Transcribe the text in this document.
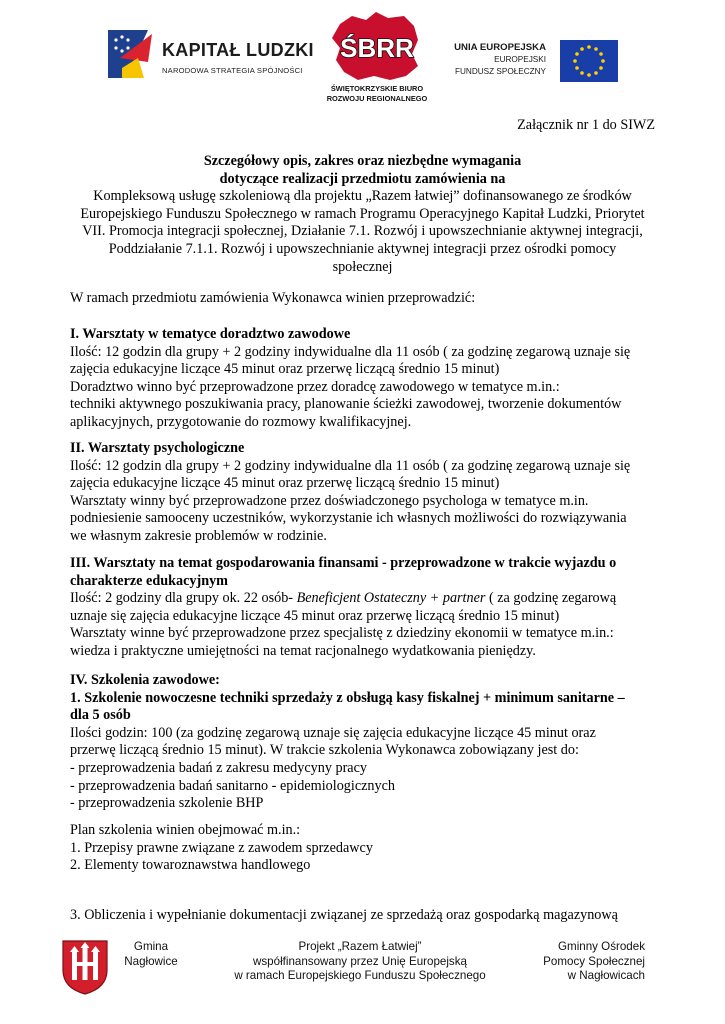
KAPITAŁ LUDZKI
NARODOWA STRATEGIA SPÓJNOŚCI
ŚBRR
ŚWIĘTOKRZYSKIE BIURO
ROZWOJU REGIONALNEGO
UNIA EUROPEJSKA
EUROPEJSKI
FUNDUSZ SPOŁECZNY
Załącznik nr 1 do SIWZ
Szczegółowy opis, zakres oraz niezbędne wymagania
dotyczące realizacji przedmiotu zamówienia na
Kompleksową usługę szkoleniową dla projektu „Razem łatwiej” dofinansowanego ze środków
Europejskiego Funduszu Społecznego w ramach Programu Operacyjnego Kapitał Ludzki, Priorytet
VII. Promocja integracji społecznej, Działanie 7.1. Rozwój i upowszechnianie aktywnej integracji,
Poddziałanie 7.1.1. Rozwój i upowszechnianie aktywnej integracji przez ośrodki pomocy
społecznej
W ramach przedmiotu zamówienia Wykonawca winien przeprowadzić:
I. Warsztaty w tematyce doradztwo zawodowe
Ilość: 12 godzin dla grupy + 2 godziny indywidualne dla 11 osób ( za godzinę zegarową uznaje się
zajęcia edukacyjne liczące 45 minut oraz przerwę liczącą średnio 15 minut)
Doradztwo winno być przeprowadzone przez doradcę zawodowego w tematyce m.in.:
techniki aktywnego poszukiwania pracy, planowanie ścieżki zawodowej, tworzenie dokumentów
aplikacyjnych, przygotowanie do rozmowy kwalifikacyjnej.
II. Warsztaty psychologiczne
Ilość: 12 godzin dla grupy + 2 godziny indywidualne dla 11 osób ( za godzinę zegarową uznaje się
zajęcia edukacyjne liczące 45 minut oraz przerwę liczącą średnio 15 minut)
Warsztaty winny być przeprowadzone przez doświadczonego psychologa w tematyce m.in.
podniesienie samooceny uczestników, wykorzystanie ich własnych możliwości do rozwiązywania
we własnym zakresie problemów w rodzinie.
III. Warsztaty na temat gospodarowania finansami - przeprowadzone w trakcie wyjazdu o
charakterze edukacyjnym
Ilość: 2 godziny dla grupy ok. 22 osób- Beneficjent Ostateczny + partner ( za godzinę zegarową
uznaje się zajęcia edukacyjne liczące 45 minut oraz przerwę liczącą średnio 15 minut)
Warsztaty winne być przeprowadzone przez specjalistę z dziedziny ekonomii w tematyce m.in.:
wiedza i praktyczne umiejętności na temat racjonalnego wydatkowania pieniędzy.
IV. Szkolenia zawodowe:
1. Szkolenie nowoczesne techniki sprzedaży z obsługą kasy fiskalnej + minimum sanitarne –
dla 5 osób
Ilości godzin: 100 (za godzinę zegarową uznaje się zajęcia edukacyjne liczące 45 minut oraz
przerwę liczącą średnio 15 minut). W trakcie szkolenia Wykonawca zobowiązany jest do:
- przeprowadzenia badań z zakresu medycyny pracy
- przeprowadzenia badań sanitarno - epidemiologicznych
- przeprowadzenia szkolenie BHP
Plan szkolenia winien obejmować m.in.:
1. Przepisy prawne związane z zawodem sprzedawcy
2. Elementy towaroznawstwa handlowego
3. Obliczenia i wypełnianie dokumentacji związanej ze sprzedażą oraz gospodarką magazynową
Gmina
Nagłowice
Projekt „Razem Łatwiej”
współfinansowany przez Unię Europejską
w ramach Europejskiego Funduszu Społecznego
Gminny Ośrodek
Pomocy Społecznej
w Nagłowicach
